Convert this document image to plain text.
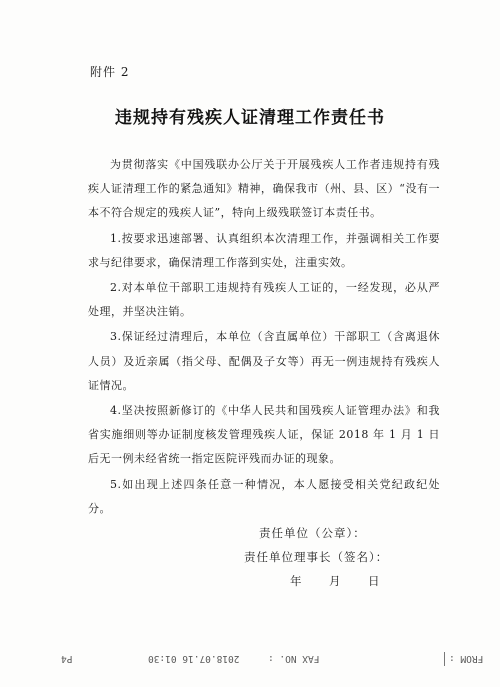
附件 2
违规持有残疾人证清理工作责任书

为贯彻落实《中国残联办公厅关于开展残疾人工作者违规持有残疾人证清理工作的紧急通知》精神，确保我市（州、县、区）“没有一本不符合规定的残疾人证”，特向上级残联签订本责任书。

1.按要求迅速部署、认真组织本次清理工作，并强调相关工作要求与纪律要求，确保清理工作落到实处，注重实效。

2.对本单位干部职工违规持有残疾人工证的，一经发现，必从严处理，并坚决注销。

3.保证经过清理后，本单位（含直属单位）干部职工（含离退休人员）及近亲属（指父母、配偶及子女等）再无一例违规持有残疾人证情况。

4.坚决按照新修订的《中华人民共和国残疾人证管理办法》和我省实施细则等办证制度核发管理残疾人证，保证 2018 年 1 月 1 日后无一例未经省统一指定医院评残而办证的现象。

5.如出现上述四条任意一种情况，本人愿接受相关党纪政纪处分。

责任单位（公章）：
责任单位理事长（签名）：
年　月　日
FROM :
FAX NO. :
2018.07.16 01:30
P4
